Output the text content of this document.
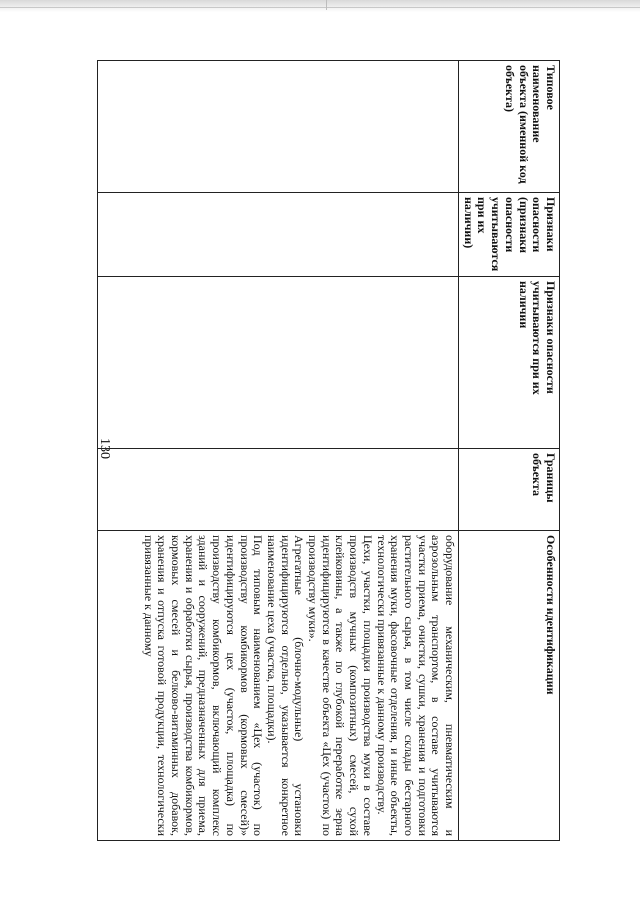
130
Типовое наименование объекта (именной код объекта)	Признаки опасности (признаки опасности учитываются при их наличии)	Признаки опасности учитываются при их наличии	Границы объекта	Особенности идентификации

				оборудование механическим, пневматическим и аэрозольным транспортом, в составе учитываются участки приема, очистки, сушки, хранения и подготовки растительного сырья, в том числе склады бестарного хранения муки, фасовочные отделения, и иные объекты, технологически привязанные к данному производству.

Цехи, участки, площадки производства муки в составе производств мучных (композитных) смесей, сухой клейковины, а также по глубокой переработке зерна идентифицируются в качестве объекта «Цех (участок) по производству муки».

Агрегатные (блочно-модульные) установки идентифицируются отдельно, указывается конкретное наименование цеха (участка, площадки).

Под типовым наименованием «Цех (участок) по производству комбикормов (кормовых смесей)» идентифицируются цех (участок, площадка) по производству комбикормов, включающий комплекс зданий и сооружений, предназначенных для приема, хранения и обработки сырья, производства комбикормов, кормовых смесей и белково-витаминных добавок, хранения и отпуска готовой продукции, технологически привязанные к данному
